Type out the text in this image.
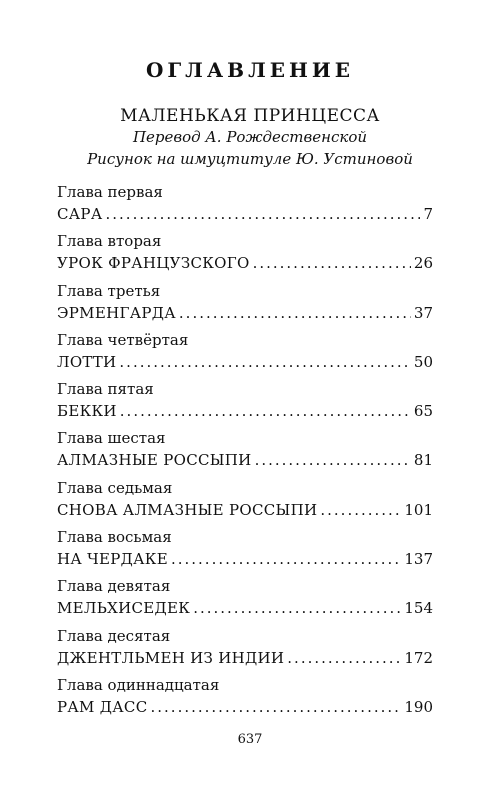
ОГЛАВЛЕНИЕ
МАЛЕНЬКАЯ ПРИНЦЕССА
Перевод А. Рождественской
Рисунок на шмуцтитуле Ю. Устиновой
Глава первая
САРА .....	7
Глава вторая
УРОК ФРАНЦУЗСКОГО .....	26
Глава третья
ЭРМЕНГАРДА .....	37
Глава четвёртая
ЛОТТИ .....	50
Глава пятая
БЕККИ .....	65
Глава шестая
АЛМАЗНЫЕ РОССЫПИ .....	81
Глава седьмая
СНОВА АЛМАЗНЫЕ РОССЫПИ .....	101
Глава восьмая
НА ЧЕРДАКЕ .....	137
Глава девятая
МЕЛЬХИСЕДЕК .....	154
Глава десятая
ДЖЕНТЛЬМЕН ИЗ ИНДИИ .....	172
Глава одиннадцатая
РАМ ДАСС .....	190
637
